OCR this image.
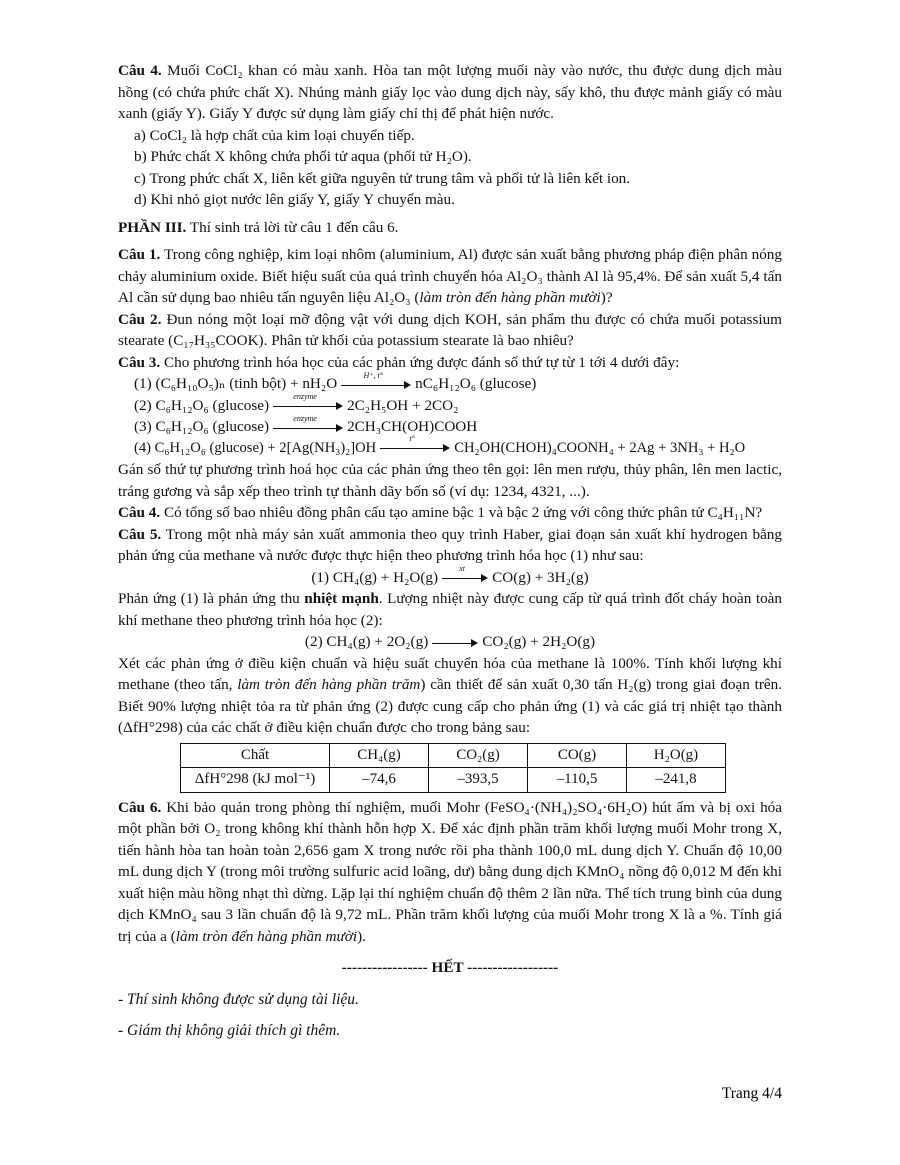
Câu 4. Muối CoCl₂ khan có màu xanh. Hòa tan một lượng muối này vào nước, thu được dung dịch màu hồng (có chứa phức chất X). Nhúng mảnh giấy lọc vào dung dịch này, sấy khô, thu được mảnh giấy có màu xanh (giấy Y). Giấy Y được sử dụng làm giấy chỉ thị để phát hiện nước.

a) CoCl₂ là hợp chất của kim loại chuyển tiếp.

b) Phức chất X không chứa phối tử aqua (phối tử H₂O).

c) Trong phức chất X, liên kết giữa nguyên tử trung tâm và phối tử là liên kết ion.

d) Khi nhỏ giọt nước lên giấy Y, giấy Y chuyển màu.

PHẦN III. Thí sinh trả lời từ câu 1 đến câu 6.

Câu 1. Trong công nghiệp, kim loại nhôm (aluminium, Al) được sản xuất bằng phương pháp điện phân nóng chảy aluminium oxide. Biết hiệu suất của quá trình chuyển hóa Al₂O₃ thành Al là 95,4%. Để sản xuất 5,4 tấn Al cần sử dụng bao nhiêu tấn nguyên liệu Al₂O₃ (làm tròn đến hàng phần mười)?

Câu 2. Đun nóng một loại mỡ động vật với dung dịch KOH, sản phẩm thu được có chứa muối potassium stearate (C₁₇H₃₅COOK). Phân tử khối của potassium stearate là bao nhiêu?

Câu 3. Cho phương trình hóa học của các phản ứng được đánh số thứ tự từ 1 tới 4 dưới đây:

(1) (C₆H₁₀O₅)ₙ (tinh bột) + nH₂O	H⁺, t°	nC₆H₁₂O₆ (glucose)

(2) C₆H₁₂O₆ (glucose)	enzyme	2C₂H₅OH + 2CO₂

(3) C₆H₁₂O₆ (glucose)	enzyme	2CH₃CH(OH)COOH

(4) C₆H₁₂O₆ (glucose) + 2[Ag(NH₃)₂]OH
t°
CH₂OH(CHOH)₄COONH₄ + 2Ag + 3NH₃ + H₂O

Gán số thứ tự phương trình hoá học của các phản ứng theo tên gọi: lên men rượu, thủy phân, lên men lactic, tráng gương và sắp xếp theo trình tự thành dãy bốn số (ví dụ: 1234, 4321, ...).

Câu 4. Có tổng số bao nhiêu đồng phân cấu tạo amine bậc 1 và bậc 2 ứng với công thức phân tử C₄H₁₁N?

Câu 5. Trong một nhà máy sản xuất ammonia theo quy trình Haber, giai đoạn sản xuất khí hydrogen bằng phản ứng của methane và nước được thực hiện theo phương trình hóa học (1) như sau:

(1) CH₄(g) + H₂O(g)	xt	CO(g) + 3H₂(g)

Phản ứng (1) là phản ứng thu nhiệt mạnh. Lượng nhiệt này được cung cấp từ quá trình đốt cháy hoàn toàn khí methane theo phương trình hóa học (2):

(2) CH₄(g) + 2O₂(g)	CO₂(g) + 2H₂O(g)

Xét các phản ứng ở điều kiện chuẩn và hiệu suất chuyển hóa của methane là 100%. Tính khối lượng khí methane (theo tấn, làm tròn đến hàng phần trăm) cần thiết để sản xuất 0,30 tấn H₂(g) trong giai đoạn trên. Biết 90% lượng nhiệt tỏa ra từ phản ứng (2) được cung cấp cho phản ứng (1) và các giá trị nhiệt tạo thành (ΔfH°298) của các chất ở điều kiện chuẩn được cho trong bảng sau:

Chất	CH₄(g)	CO₂(g)	CO(g)	H₂O(g)
ΔfH°298 (kJ mol⁻¹)	–74,6	–393,5	–110,5	–241,8

Câu 6. Khi bảo quản trong phòng thí nghiệm, muối Mohr (FeSO₄·(NH₄)₂SO₄·6H₂O) hút ẩm và bị oxi hóa một phần bởi O₂ trong không khí thành hỗn hợp X. Để xác định phần trăm khối lượng muối Mohr trong X, tiến hành hòa tan hoàn toàn 2,656 gam X trong nước rồi pha thành 100,0 mL dung dịch Y. Chuẩn độ 10,00 mL dung dịch Y (trong môi trường sulfuric acid loãng, dư) bằng dung dịch KMnO₄ nồng độ 0,012 M đến khi xuất hiện màu hồng nhạt thì dừng. Lặp lại thí nghiệm chuẩn độ thêm 2 lần nữa. Thể tích trung bình của dung dịch KMnO₄ sau 3 lần chuẩn độ là 9,72 mL. Phần trăm khối lượng của muối Mohr trong X là a %. Tính giá trị của a (làm tròn đến hàng phần mười).

----------------- HẾT ------------------

- Thí sinh không được sử dụng tài liệu.

- Giám thị không giải thích gì thêm.

Trang 4/4
